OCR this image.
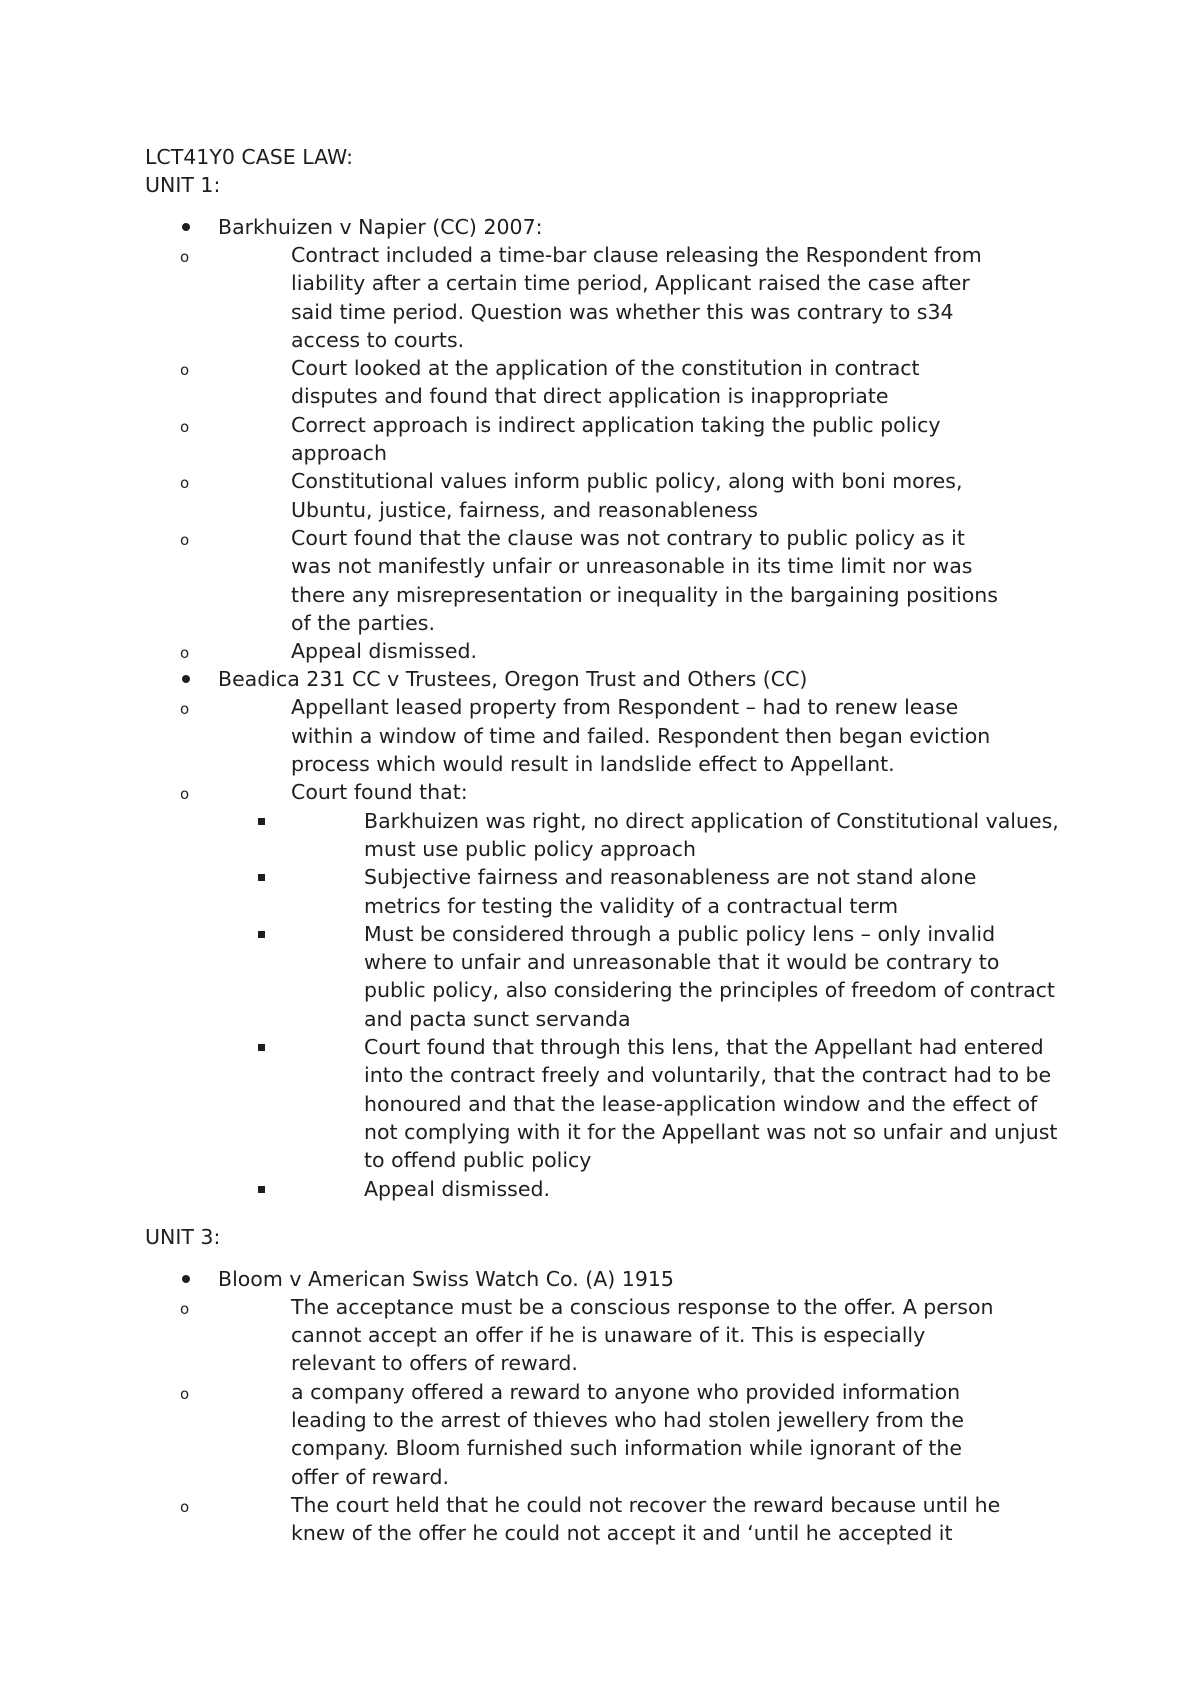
LCT41Y0 CASE LAW:

UNIT 1:

Barkhuizen v Napier (CC) 2007:
o	Contract included a time-bar clause releasing the Respondent from liability after a certain time period, Applicant raised the case after said time period. Question was whether this was contrary to s34 access to courts.
o	Court looked at the application of the constitution in contract disputes and found that direct application is inappropriate
o	Correct approach is indirect application taking the public policy approach
o	Constitutional values inform public policy, along with boni mores, Ubuntu, justice, fairness, and reasonableness
o	Court found that the clause was not contrary to public policy as it was not manifestly unfair or unreasonable in its time limit nor was there any misrepresentation or inequality in the bargaining positions of the parties.
o	Appeal dismissed.
Beadica 231 CC v Trustees, Oregon Trust and Others (CC)
o	Appellant leased property from Respondent – had to renew lease within a window of time and failed. Respondent then began eviction process which would result in landslide effect to Appellant.
o	Court found that:
Barkhuizen was right, no direct application of Constitutional values, must use public policy approach
Subjective fairness and reasonableness are not stand alone metrics for testing the validity of a contractual term
Must be considered through a public policy lens – only invalid where to unfair and unreasonable that it would be contrary to public policy, also considering the principles of freedom of contract and pacta sunct servanda
Court found that through this lens, that the Appellant had entered into the contract freely and voluntarily, that the contract had to be honoured and that the lease-application window and the effect of not complying with it for the Appellant was not so unfair and unjust to offend public policy
Appeal dismissed.

UNIT 3:

Bloom v American Swiss Watch Co. (A) 1915
o	The acceptance must be a conscious response to the offer. A person cannot accept an offer if he is unaware of it. This is especially relevant to offers of reward.
o	a company offered a reward to anyone who provided information leading to the arrest of thieves who had stolen jewellery from the company. Bloom furnished such information while ignorant of the offer of reward.
o	The court held that he could not recover the reward because until he knew of the offer he could not accept it and ‘until he accepted it
